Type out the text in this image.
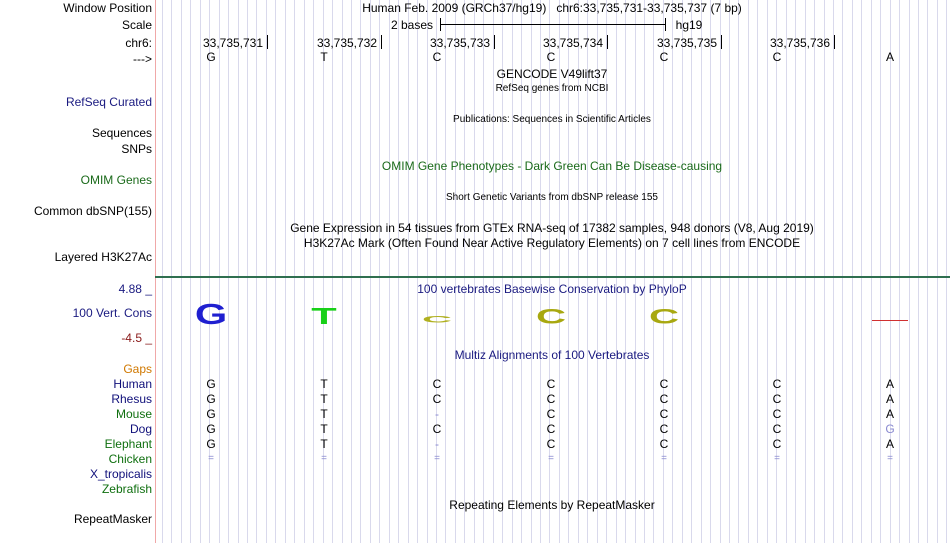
Window Position	Human Feb. 2009 (GRCh37/hg19)   chr6:33,735,731-33,735,737 (7 bp)
Scale	2 bases	hg19
chr6:	33,735,731	33,735,732	33,735,733	33,735,734	33,735,735	33,735,736
--->	G	T	C	C	C	C	A
GENCODE V49lift37
RefSeq genes from NCBI
RefSeq Curated
Publications: Sequences in Scientific Articles
Sequences
SNPs
OMIM Gene Phenotypes - Dark Green Can Be Disease-causing
OMIM Genes
Short Genetic Variants from dbSNP release 155
Common dbSNP(155)
Gene Expression in 54 tissues from GTEx RNA-seq of 17382 samples, 948 donors (V8, Aug 2019)
H3K27Ac Mark (Often Found Near Active Regulatory Elements) on 7 cell lines from ENCODE
Layered H3K27Ac
4.88 _	100 vertebrates Basewise Conservation by PhyloP
100 Vert. Cons G	T	C	C	C
-4.5 _
Multiz Alignments of 100 Vertebrates
Gaps
Human	G	T	C	C	C	C	A
Rhesus	G	T	C	C	C	C	A
Mouse	G	T	-	C	C	C	A
Dog	G	T	C	C	C	C	G
Elephant	G	T	-	C	C	C	A
Chicken	=	=	=	=	=	=	=
X_tropicalis
Zebrafish
Repeating Elements by RepeatMasker
RepeatMasker
